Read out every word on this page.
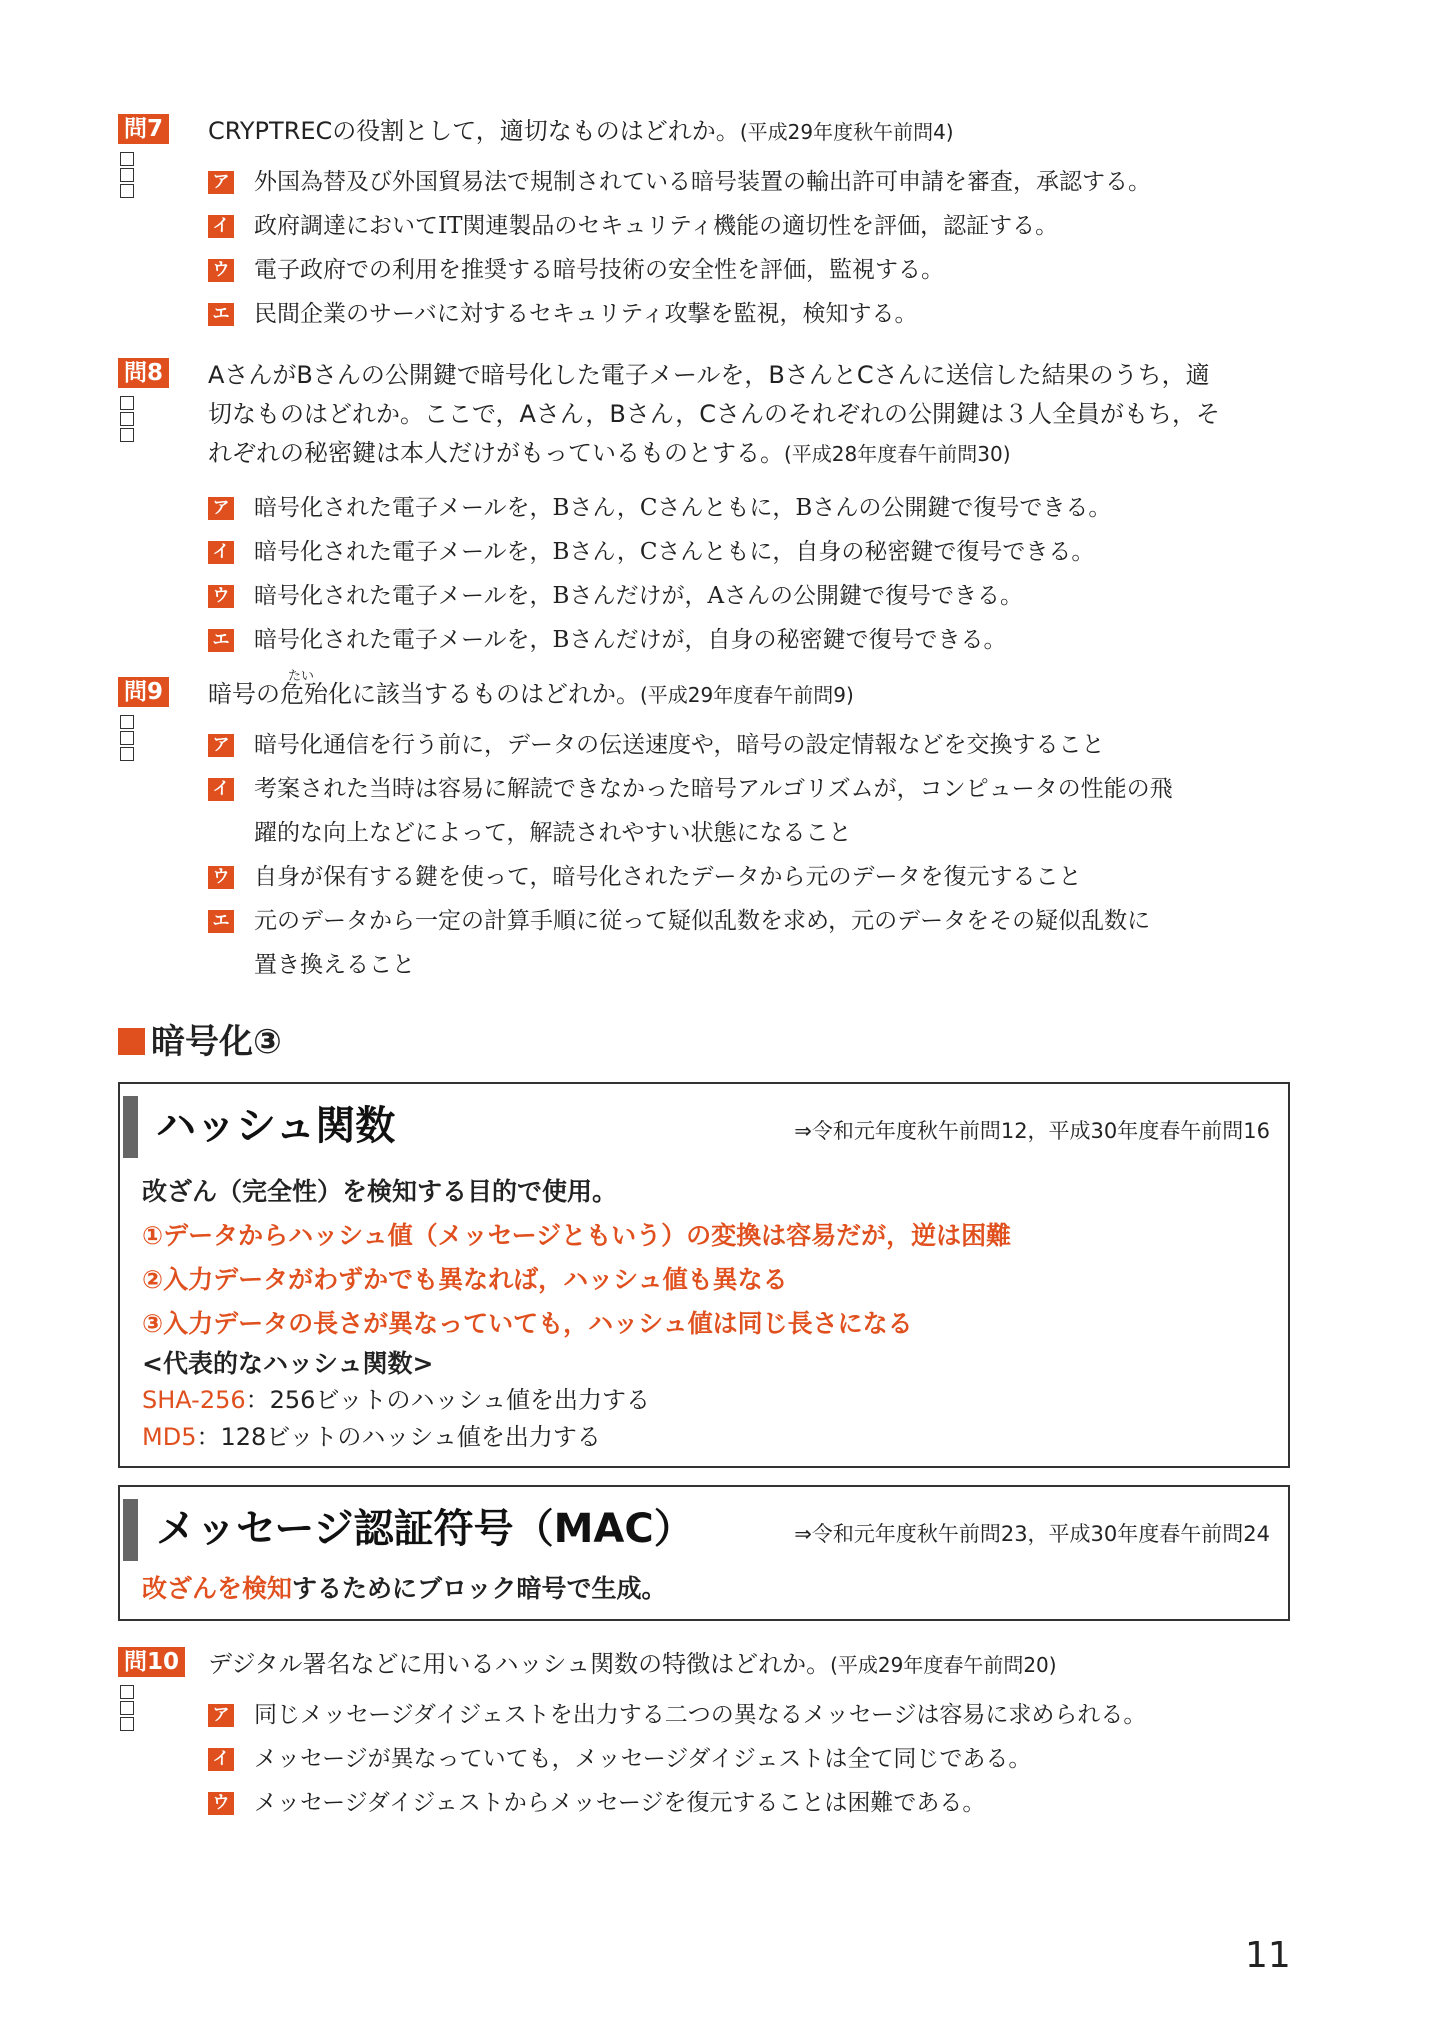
問7 CRYPTRECの役割として，適切なものはどれか。(平成29年度秋午前問4)
ア 外国為替及び外国貿易法で規制されている暗号装置の輸出許可申請を審査，承認する。
イ 政府調達においてIT関連製品のセキュリティ機能の適切性を評価，認証する。
ウ 電子政府での利用を推奨する暗号技術の安全性を評価，監視する。
エ 民間企業のサーバに対するセキュリティ攻撃を監視，検知する。
問8 AさんがBさんの公開鍵で暗号化した電子メールを，BさんとCさんに送信した結果のうち，適
切なものはどれか。ここで，Aさん，Bさん，Cさんのそれぞれの公開鍵は３人全員がもち，そ
れぞれの秘密鍵は本人だけがもっているものとする。(平成28年度春午前問30)
ア 暗号化された電子メールを，Bさん，Cさんともに，Bさんの公開鍵で復号できる。
イ 暗号化された電子メールを，Bさん，Cさんともに，自身の秘密鍵で復号できる。
ウ 暗号化された電子メールを，Bさんだけが，Aさんの公開鍵で復号できる。
エ 暗号化された電子メールを，Bさんだけが，自身の秘密鍵で復号できる。
たい
問9 暗号の危殆化に該当するものはどれか。(平成29年度春午前問9)
ア 暗号化通信を行う前に，データの伝送速度や，暗号の設定情報などを交換すること
イ 考案された当時は容易に解読できなかった暗号アルゴリズムが，コンピュータの性能の飛
躍的な向上などによって，解読されやすい状態になること
ウ 自身が保有する鍵を使って，暗号化されたデータから元のデータを復元すること
エ 元のデータから一定の計算手順に従って疑似乱数を求め，元のデータをその疑似乱数に
置き換えること
暗号化③
ハッシュ関数	⇒令和元年度秋午前問12，平成30年度春午前問16
改ざん（完全性）を検知する目的で使用。
①データからハッシュ値（メッセージともいう）の変換は容易だが，逆は困難
②入力データがわずかでも異なれば，ハッシュ値も異なる
③入力データの長さが異なっていても，ハッシュ値は同じ長さになる
<代表的なハッシュ関数>
SHA-256：256ビットのハッシュ値を出力する
MD5：128ビットのハッシュ値を出力する
メッセージ認証符号（MAC）	⇒令和元年度秋午前問23，平成30年度春午前問24
改ざんを検知するためにブロック暗号で生成。
問10 デジタル署名などに用いるハッシュ関数の特徴はどれか。(平成29年度春午前問20)
ア 同じメッセージダイジェストを出力する二つの異なるメッセージは容易に求められる。
イ メッセージが異なっていても，メッセージダイジェストは全て同じである。
ウ メッセージダイジェストからメッセージを復元することは困難である。
11
